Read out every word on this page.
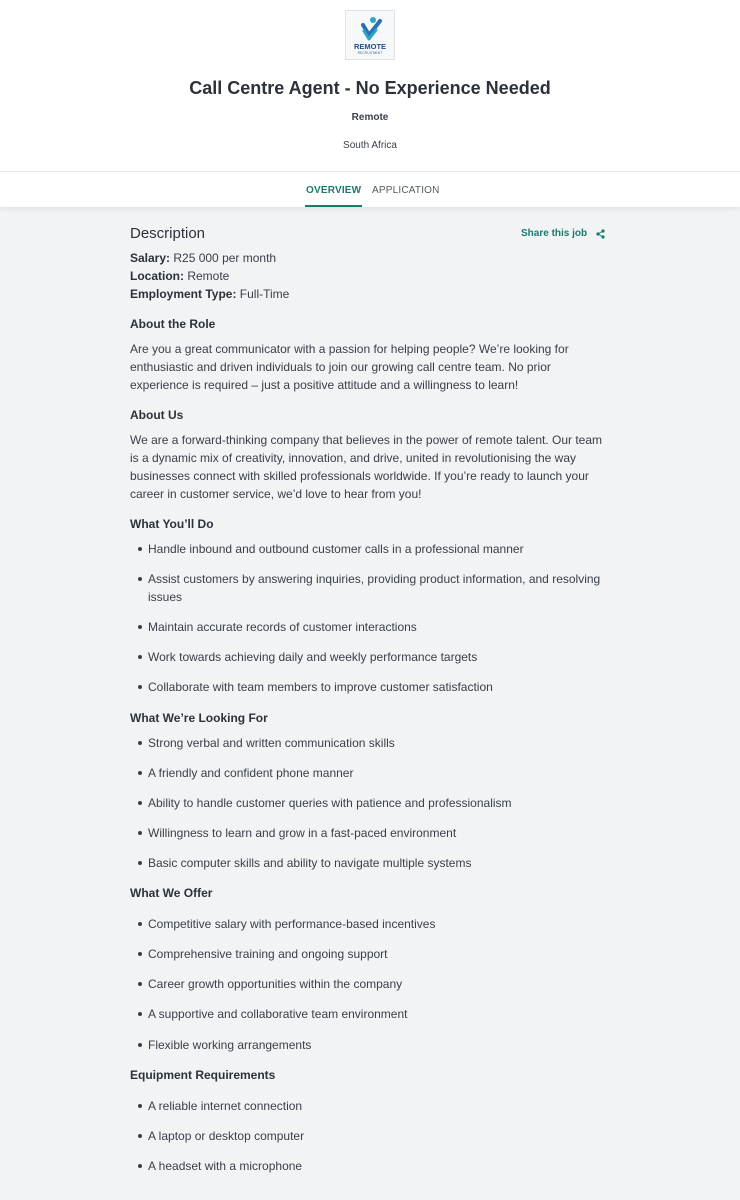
REMOTE
RECRUITMENT
Call Centre Agent - No Experience Needed
Remote
South Africa
OVERVIEW APPLICATION
Description	Share this job
Salary: R25 000 per month
Location: Remote
Employment Type: Full-Time
About the Role
Are you a great communicator with a passion for helping people? We’re looking for enthusiastic and driven individuals to join our growing call centre team. No prior experience is required – just a positive attitude and a willingness to learn!
About Us
We are a forward-thinking company that believes in the power of remote talent. Our team is a dynamic mix of creativity, innovation, and drive, united in revolutionising the way businesses connect with skilled professionals worldwide. If you’re ready to launch your career in customer service, we’d love to hear from you!
What You’ll Do
Handle inbound and outbound customer calls in a professional manner
Assist customers by answering inquiries, providing product information, and resolving issues
Maintain accurate records of customer interactions
Work towards achieving daily and weekly performance targets
Collaborate with team members to improve customer satisfaction
What We’re Looking For
Strong verbal and written communication skills
A friendly and confident phone manner
Ability to handle customer queries with patience and professionalism
Willingness to learn and grow in a fast-paced environment
Basic computer skills and ability to navigate multiple systems
What We Offer
Competitive salary with performance-based incentives
Comprehensive training and ongoing support
Career growth opportunities within the company
A supportive and collaborative team environment
Flexible working arrangements
Equipment Requirements
A reliable internet connection
A laptop or desktop computer
A headset with a microphone
